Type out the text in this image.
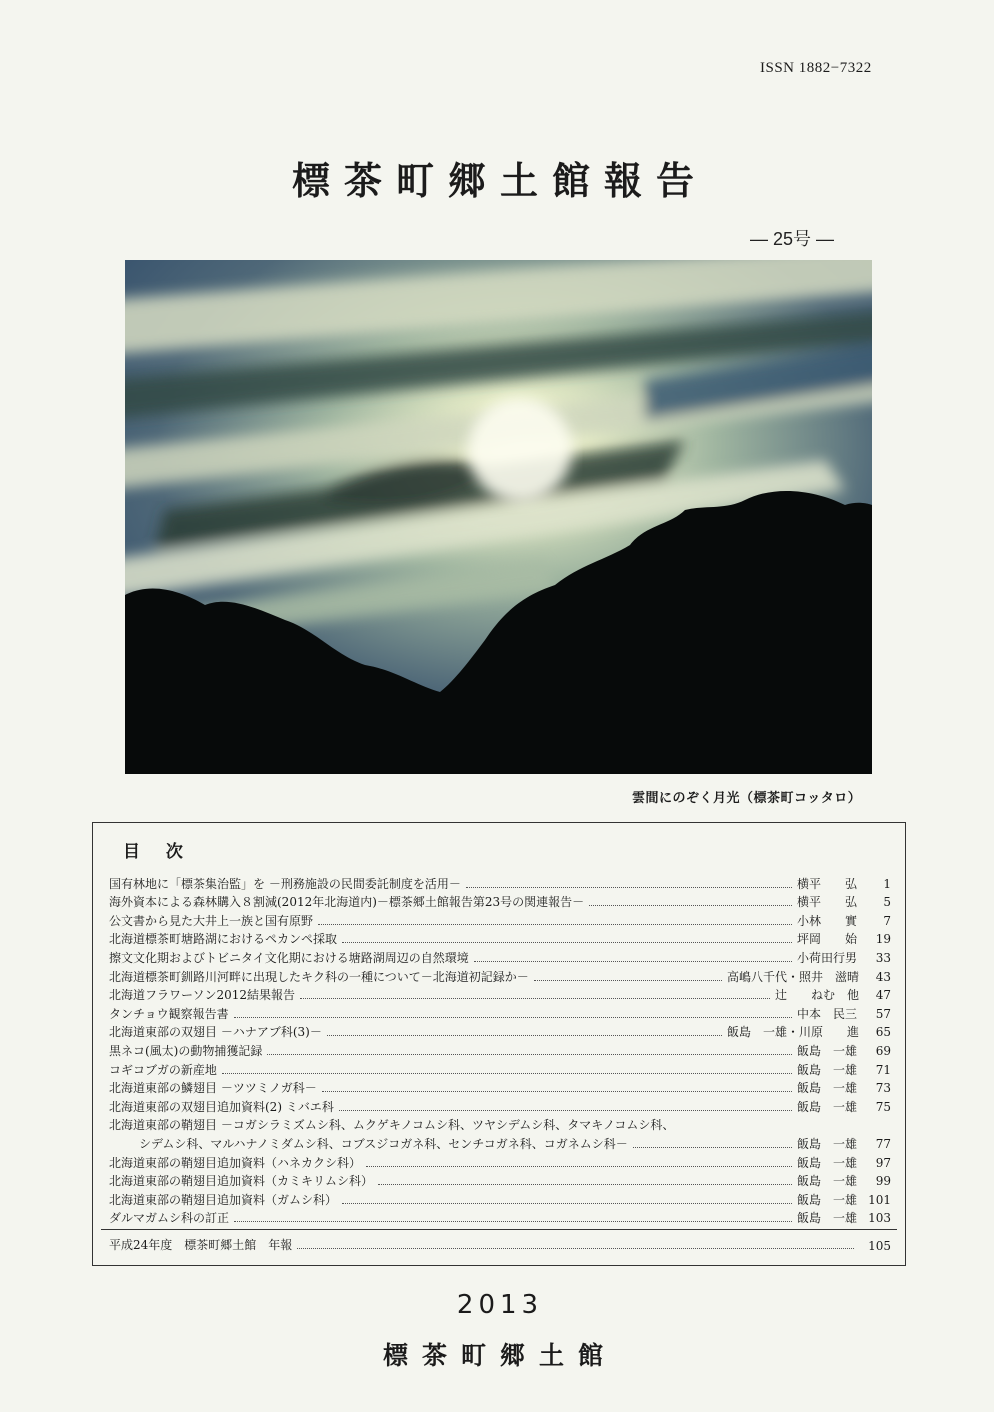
ISSN 1882−7322
標茶町郷土館報告
― 25号 ―
雲間にのぞく月光（標茶町コッタロ）
目 次
国有林地に「標茶集治監」を －刑務施設の民間委託制度を活用－	横平　　弘	1
海外資本による森林購入８割減(2012年北海道内)－標茶郷土館報告第23号の関連報告－	横平　　弘	5
公文書から見た大井上一族と国有原野	小林　　實	7
北海道標茶町塘路湖におけるペカンペ採取	坪岡　　始	19
擦文文化期およびトビニタイ文化期における塘路湖周辺の自然環境	小荷田行男	33
北海道標茶町釧路川河畔に出現したキク科の一種について－北海道初記録か－	高嶋八千代・照井　滋晴	43
北海道フラワーソン2012結果報告	辻　　ねむ　他	47
タンチョウ観察報告書	中本　民三	57
北海道東部の双翅目 －ハナアブ科(3)－	飯島　一雄・川原　　進	65
黒ネコ(風太)の動物捕獲記録	飯島　一雄	69
コギコブガの新産地	飯島　一雄	71
北海道東部の鱗翅目 －ツツミノガ科－	飯島　一雄	73
北海道東部の双翅目追加資料(2) ミバエ科	飯島　一雄	75
北海道東部の鞘翅目 －コガシラミズムシ科、ムクゲキノコムシ科、ツヤシデムシ科、タマキノコムシ科、
シデムシ科、マルハナノミダムシ科、コブスジコガネ科、センチコガネ科、コガネムシ科－	飯島　一雄	77
北海道東部の鞘翅目追加資料（ハネカクシ科）	飯島　一雄	97
北海道東部の鞘翅目追加資料（カミキリムシ科）	飯島　一雄	99
北海道東部の鞘翅目追加資料（ガムシ科）	飯島　一雄 101
ダルマガムシ科の訂正	飯島　一雄 103
平成24年度　標茶町郷土館　年報	105
2013
標茶町郷土館
